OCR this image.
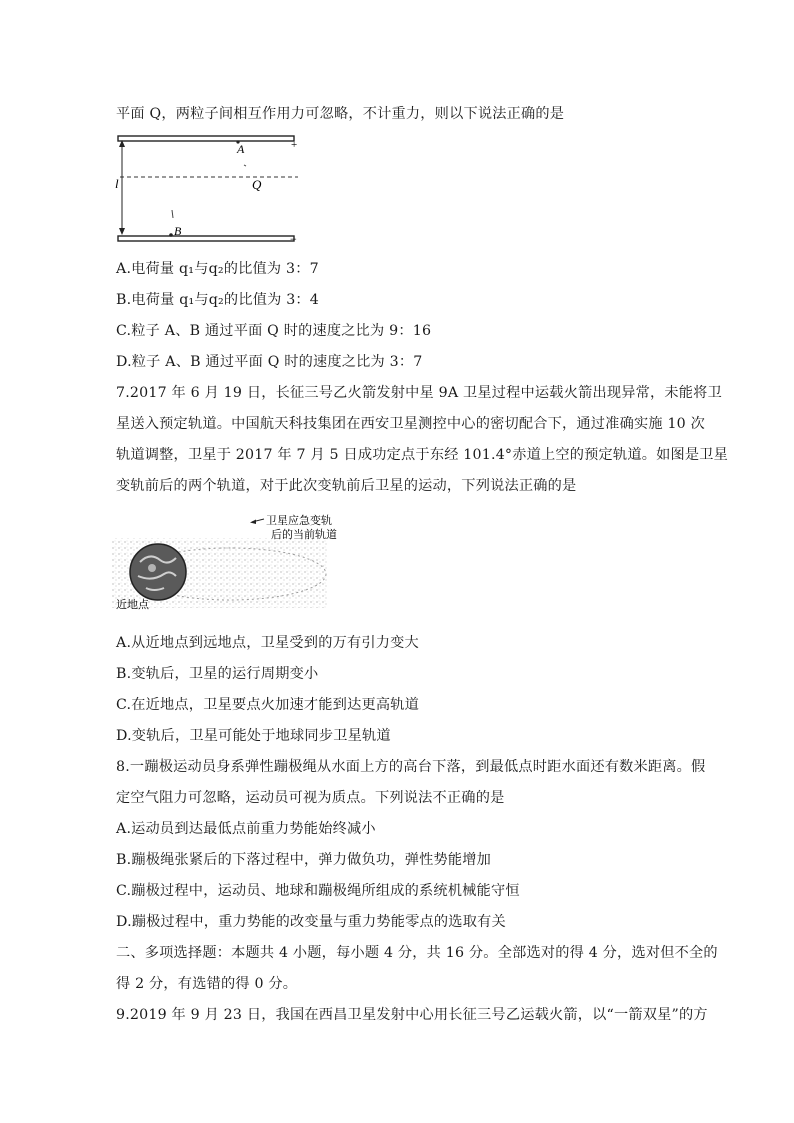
平面 Q，两粒子间相互作用力可忽略，不计重力，则以下说法正确的是
A
B
Q
l
+
−
A.电荷量 q₁与q₂的比值为 3：7
B.电荷量 q₁与q₂的比值为 3：4
C.粒子 A、B 通过平面 Q 时的速度之比为 9：16
D.粒子 A、B 通过平面 Q 时的速度之比为 3：7
7.2017 年 6 月 19 日，长征三号乙火箭发射中星 9A 卫星过程中运载火箭出现异常，未能将卫
星送入预定轨道。中国航天科技集团在西安卫星测控中心的密切配合下，通过准确实施 10 次
轨道调整，卫星于 2017 年 7 月 5 日成功定点于东经 101.4°赤道上空的预定轨道。如图是卫星
变轨前后的两个轨道，对于此次变轨前后卫星的运动，下列说法正确的是
卫星应急变轨
后的当前轨道
近地点
A.从近地点到远地点，卫星受到的万有引力变大
B.变轨后，卫星的运行周期变小
C.在近地点，卫星要点火加速才能到达更高轨道
D.变轨后，卫星可能处于地球同步卫星轨道
8.一蹦极运动员身系弹性蹦极绳从水面上方的高台下落，到最低点时距水面还有数米距离。假
定空气阻力可忽略，运动员可视为质点。下列说法不正确的是
A.运动员到达最低点前重力势能始终减小
B.蹦极绳张紧后的下落过程中，弹力做负功，弹性势能增加
C.蹦极过程中，运动员、地球和蹦极绳所组成的系统机械能守恒
D.蹦极过程中，重力势能的改变量与重力势能零点的选取有关
二、多项选择题：本题共 4 小题，每小题 4 分，共 16 分。全部选对的得 4 分，选对但不全的
得 2 分，有选错的得 0 分。
9.2019 年 9 月 23 日，我国在西昌卫星发射中心用长征三号乙运载火箭，以“一箭双星”的方
